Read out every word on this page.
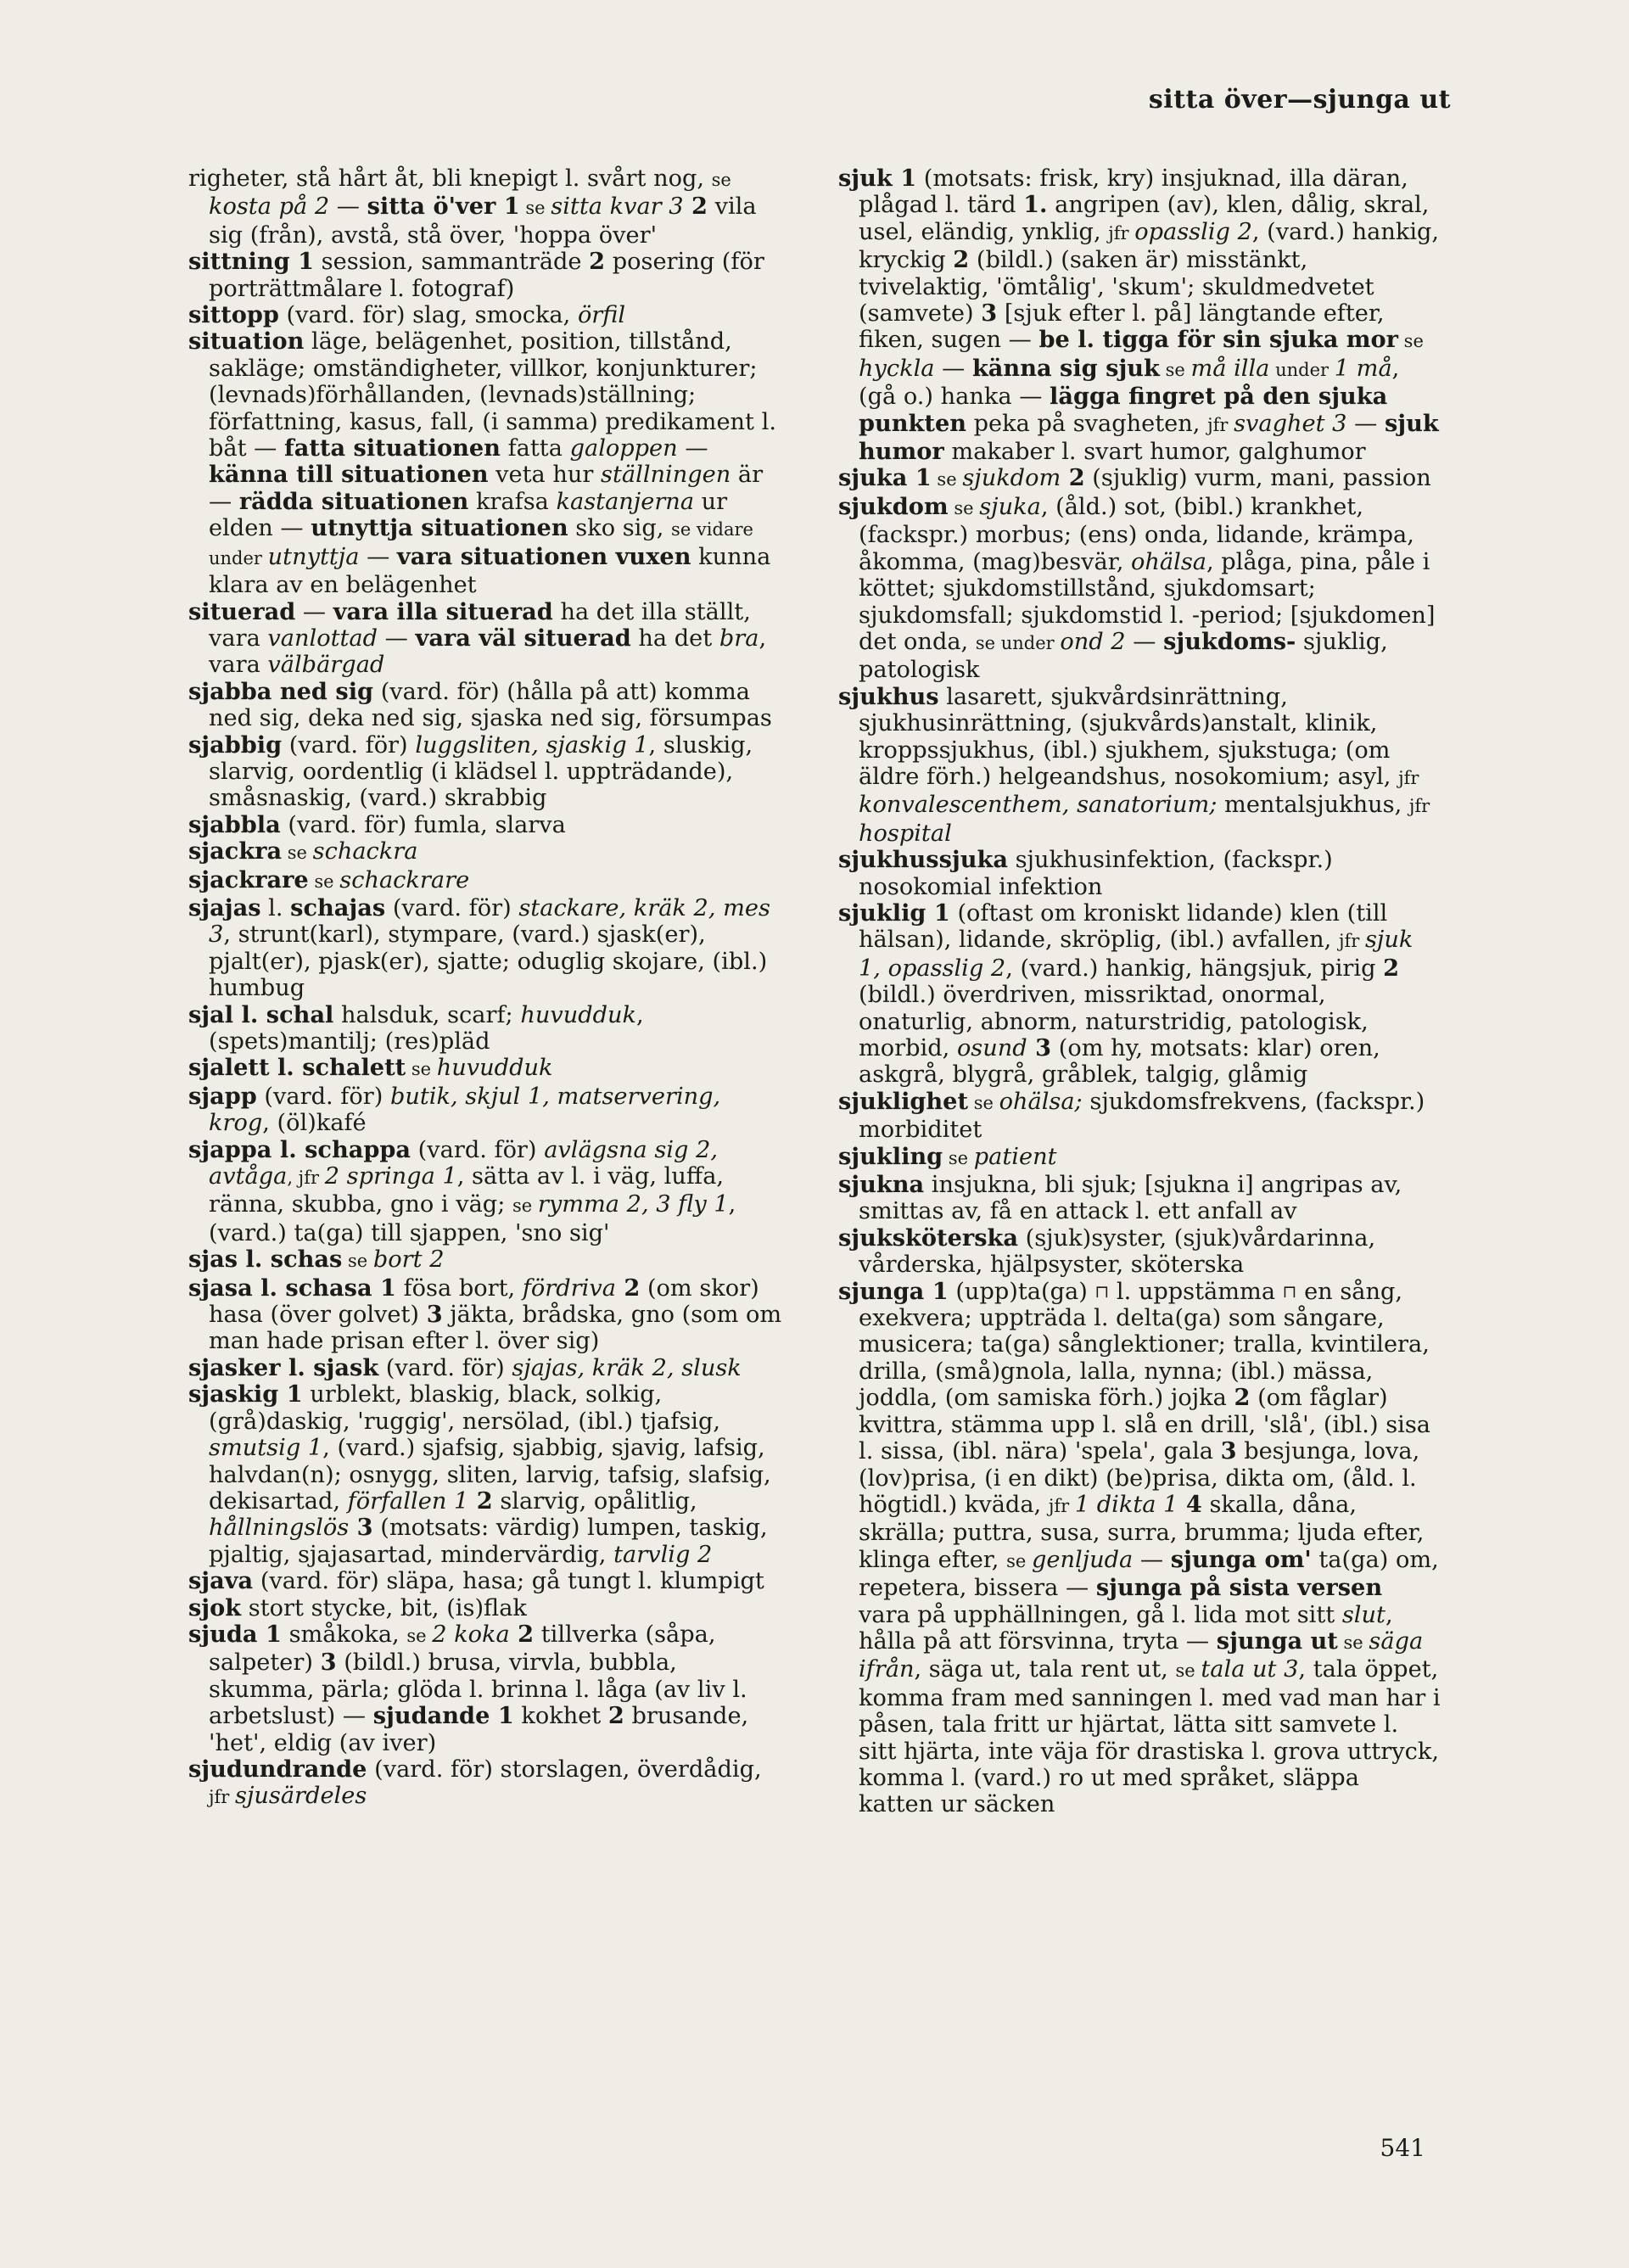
sitta över—sjunga ut

righeter, stå hårt åt, bli knepigt l. svårt nog, se kosta på 2 — sitta ö'ver 1 se sitta kvar 3 2 vila sig (från), avstå, stå över, 'hoppa över'

sittning 1 session, sammanträde 2 posering (för porträttmålare l. fotograf)

sittopp (vard. för) slag, smocka, örfil

situation läge, belägenhet, position, tillstånd, sakläge; omständigheter, villkor, konjunkturer; (levnads)förhållanden, (levnads)ställning; författning, kasus, fall, (i samma) predikament l. båt — fatta situationen fatta galoppen — känna till situationen veta hur ställningen är — rädda situationen krafsa kastanjerna ur elden — utnyttja situationen sko sig, se vidare under utnyttja — vara situationen vuxen kunna klara av en belägenhet

situerad — vara illa situerad ha det illa ställt, vara vanlottad — vara väl situerad ha det bra, vara välbärgad

sjabba ned sig (vard. för) (hålla på att) komma ned sig, deka ned sig, sjaska ned sig, försumpas

sjabbig (vard. för) luggsliten, sjaskig 1, sluskig, slarvig, oordentlig (i klädsel l. uppträdande), småsnaskig, (vard.) skrabbig

sjabbla (vard. för) fumla, slarva

sjackra se schackra

sjackrare se schackrare

sjajas l. schajas (vard. för) stackare, kräk 2, mes 3, strunt(karl), stympare, (vard.) sjask(er), pjalt(er), pjask(er), sjatte; oduglig skojare, (ibl.) humbug

sjal l. schal halsduk, scarf; huvudduk, (spets)mantilj; (res)pläd

sjalett l. schalett se huvudduk

sjapp (vard. för) butik, skjul 1, matservering, krog, (öl)kafé

sjappa l. schappa (vard. för) avlägsna sig 2, avtåga, jfr 2 springa 1, sätta av l. i väg, luffa, ränna, skubba, gno i väg; se rymma 2, 3 fly 1, (vard.) ta(ga) till sjappen, 'sno sig'

sjas l. schas se bort 2

sjasa l. schasa 1 fösa bort, fördriva 2 (om skor) hasa (över golvet) 3 jäkta, brådska, gno (som om man hade prisan efter l. över sig)

sjasker l. sjask (vard. för) sjajas, kräk 2, slusk

sjaskig 1 urblekt, blaskig, black, solkig, (grå)daskig, 'ruggig', nersölad, (ibl.) tjafsig, smutsig 1, (vard.) sjafsig, sjabbig, sjavig, lafsig, halvdan(n); osnygg, sliten, larvig, tafsig, slafsig, dekisartad, förfallen 1 2 slarvig, opålitlig, hållningslös 3 (motsats: värdig) lumpen, taskig, pjaltig, sjajasartad, mindervärdig, tarvlig 2

sjava (vard. för) släpa, hasa; gå tungt l. klumpigt

sjok stort stycke, bit, (is)flak

sjuda 1 småkoka, se 2 koka 2 tillverka (såpa, salpeter) 3 (bildl.) brusa, virvla, bubbla, skumma, pärla; glöda l. brinna l. låga (av liv l. arbetslust) — sjudande 1 kokhet 2 brusande, 'het', eldig (av iver)

sjudundrande (vard. för) storslagen, överdådig, jfr sjusärdeles

sjuk 1 (motsats: frisk, kry) insjuknad, illa däran, plågad l. tärd 1. angripen (av), klen, dålig, skral, usel, eländig, ynklig, jfr opasslig 2, (vard.) hankig, kryckig 2 (bildl.) (saken är) misstänkt, tvivelaktig, 'ömtålig', 'skum'; skuldmedvetet (samvete) 3 [sjuk efter l. på] längtande efter, fiken, sugen — be l. tigga för sin sjuka mor se hyckla — känna sig sjuk se må illa under 1 må, (gå o.) hanka — lägga fingret på den sjuka punkten peka på svagheten, jfr svaghet 3 — sjuk humor makaber l. svart humor, galghumor

sjuka 1 se sjukdom 2 (sjuklig) vurm, mani, passion

sjukdom se sjuka, (åld.) sot, (bibl.) krankhet, (fackspr.) morbus; (ens) onda, lidande, krämpa, åkomma, (mag)besvär, ohälsa, plåga, pina, påle i köttet; sjukdomstillstånd, sjukdomsart; sjukdomsfall; sjukdomstid l. -period; [sjukdomen] det onda, se under ond 2 — sjukdoms- sjuklig, patologisk

sjukhus lasarett, sjukvårdsinrättning, sjukhusinrättning, (sjukvårds)anstalt, klinik, kroppssjukhus, (ibl.) sjukhem, sjukstuga; (om äldre förh.) helgeandshus, nosokomium; asyl, jfr konvalescenthem, sanatorium; mentalsjukhus, jfr hospital

sjukhussjuka sjukhusinfektion, (fackspr.) nosokomial infektion

sjuklig 1 (oftast om kroniskt lidande) klen (till hälsan), lidande, skröplig, (ibl.) avfallen, jfr sjuk 1, opasslig 2, (vard.) hankig, hängsjuk, pirig 2 (bildl.) överdriven, missriktad, onormal, onaturlig, abnorm, naturstridig, patologisk, morbid, osund 3 (om hy, motsats: klar) oren, askgrå, blygrå, gråblek, talgig, glåmig

sjuklighet se ohälsa; sjukdomsfrekvens, (fackspr.) morbiditet

sjukling se patient

sjukna insjukna, bli sjuk; [sjukna i] angripas av, smittas av, få en attack l. ett anfall av

sjuksköterska (sjuk)syster, (sjuk)vårdarinna, vårderska, hjälpsyster, sköterska

sjunga 1 (upp)ta(ga) ⊓ l. uppstämma ⊓ en sång, exekvera; uppträda l. delta(ga) som sångare, musicera; ta(ga) sånglektioner; tralla, kvintilera, drilla, (små)gnola, lalla, nynna; (ibl.) mässa, joddla, (om samiska förh.) jojka 2 (om fåglar) kvittra, stämma upp l. slå en drill, 'slå', (ibl.) sisa l. sissa, (ibl. nära) 'spela', gala 3 besjunga, lova, (lov)prisa, (i en dikt) (be)prisa, dikta om, (åld. l. högtidl.) kväda, jfr 1 dikta 1 4 skalla, dåna, skrälla; puttra, susa, surra, brumma; ljuda efter, klinga efter, se genljuda — sjunga om' ta(ga) om, repetera, bissera — sjunga på sista versen vara på upphällningen, gå l. lida mot sitt slut, hålla på att försvinna, tryta — sjunga ut se säga ifrån, säga ut, tala rent ut, se tala ut 3, tala öppet, komma fram med sanningen l. med vad man har i påsen, tala fritt ur hjärtat, lätta sitt samvete l. sitt hjärta, inte väja för drastiska l. grova uttryck, komma l. (vard.) ro ut med språket, släppa katten ur säcken

541
